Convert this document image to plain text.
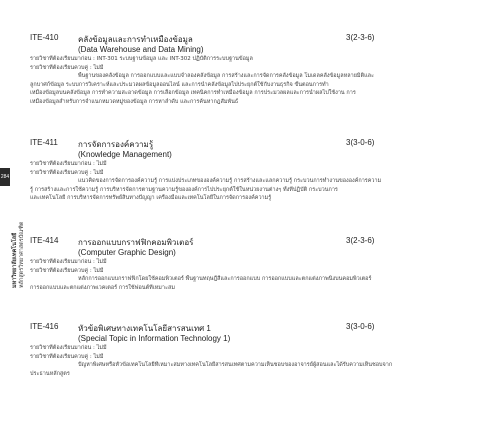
284
มหาวิทยาลัยเทคโนโลยี
หลักสูตรวิทยาศาสตรบัณฑิต
ITE-410 คลังข้อมูลและการทำเหมืองข้อมูล	3(2-3-6)
(Data Warehouse and Data Mining)
รายวิชาที่ต้องเรียนมาก่อน : INT-301 ระบบฐานข้อมูล และ INT-302 ปฏิบัติการระบบฐานข้อมูล
รายวิชาที่ต้องเรียนควบคู่ : ไม่มี
พื้นฐานของคลังข้อมูล การออกแบบและแบบจำลองคลังข้อมูล การสร้างและการจัดการคลังข้อมูล โมเดลคลังข้อมูลหลายมิติและ
ลูกบาศก์ข้อมูล ระบบการวิเคราะห์และประมวลผลข้อมูลออนไลน์ และการนำคลังข้อมูลไปประยุกต์ใช้กับงานธุรกิจ ขั้นตอนการทำ
เหมืองข้อมูลบนคลังข้อมูล การทำความสะอาดข้อมูล การเลือกข้อมูล เทคนิคการทำเหมืองข้อมูล การประมวลผลและการนำผลไปใช้งาน การ
เหมืองข้อมูลสำหรับการจำแนกหมวดหมู่ของข้อมูล การหาลำดับ และการค้นหากฎสัมพันธ์
ITE-411	การจัดการองค์ความรู้	3(3-0-6)
(Knowledge Management)
รายวิชาที่ต้องเรียนมาก่อน : ไม่มี
รายวิชาที่ต้องเรียนควบคู่ : ไม่มี
แนวคิดของการจัดการองค์ความรู้ การแบ่งประเภทขององค์ความรู้ การสร้างและแลกความรู้ กระบวนการทำงานขององค์การความ
รู้ การสร้างและการใช้ความรู้ การบริหารจัดการตามฐานความรู้ขององค์การไปประยุกต์ใช้ในหน่วยงานต่างๆ ทั้งที่ปฏิบัติ กระบวนการ
และเทคโนโลยี การบริหารจัดการทรัพย์สินทางปัญญา เครื่องมือและเทคโนโลยีในการจัดการองค์ความรู้
ITE-414 การออกแบบกราฟฟิกคอมพิวเตอร์	3(2-3-6)
(Computer Graphic Design)
รายวิชาที่ต้องเรียนมาก่อน : ไม่มี
รายวิชาที่ต้องเรียนควบคู่ : ไม่มี
หลักการออกแบบกราฟฟิกโดยใช้คอมพิวเตอร์ พื้นฐานทฤษฎีสีและการออกแบบ การออกแบบและตกแต่งภาพนิ่งบนคอมพิวเตอร์
การออกแบบและตกแต่งภาพเวคเตอร์ การใช้ฟอนต์ที่เหมาะสม
ITE-416 หัวข้อพิเศษทางเทคโนโลยีสารสนเทศ 1	3(3-0-6)
(Special Topic in Information Technology 1)
รายวิชาที่ต้องเรียนมาก่อน : ไม่มี
รายวิชาที่ต้องเรียนควบคู่ : ไม่มี
ปัญหาพิเศษหรือหัวข้อเทคโนโลยีที่เหมาะสมทางเทคโนโลยีสารสนเทศตามความเห็นชอบของอาจารย์ผู้สอนและได้รับความเห็นชอบจาก
ประธานหลักสูตร
